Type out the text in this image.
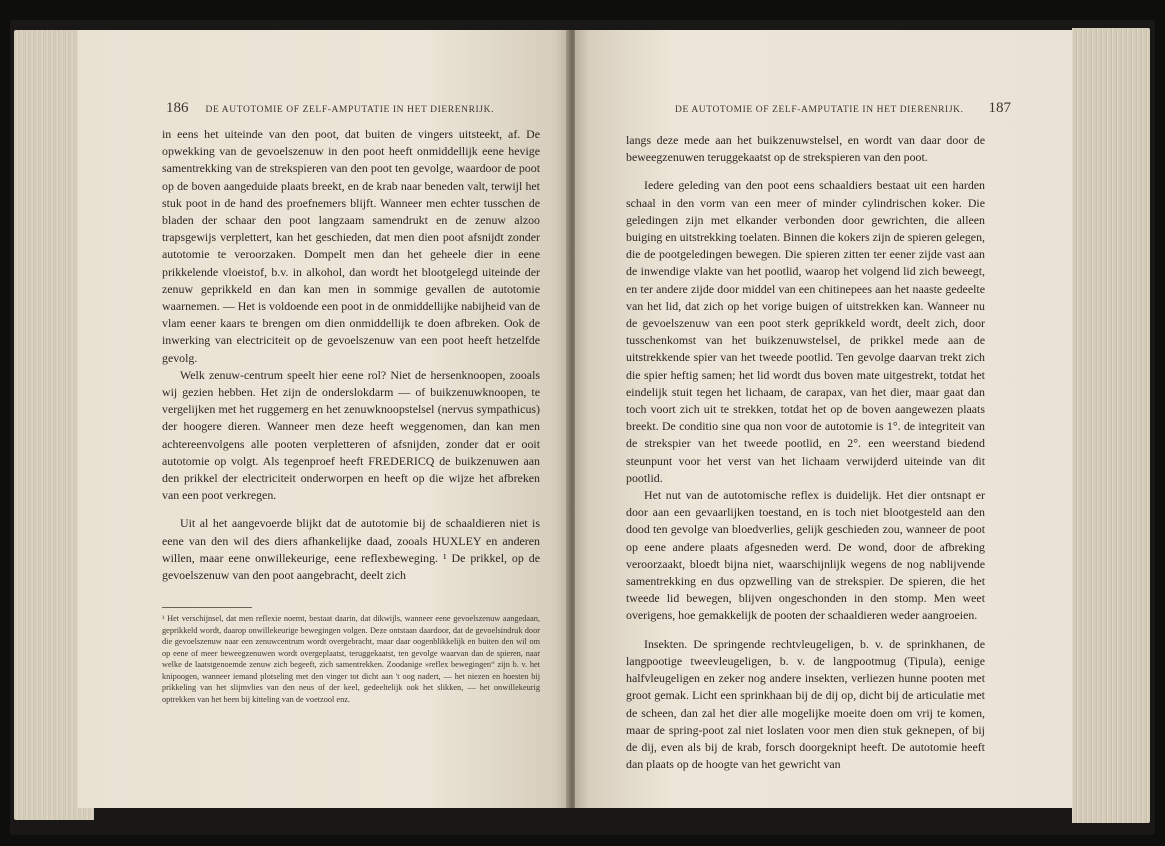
186 DE AUTOTOMIE OF ZELF-AMPUTATIE IN HET DIERENRIJK.

in eens het uiteinde van den poot, dat buiten de vingers uitsteekt, af. De opwekking van de gevoelszenuw in den poot heeft onmiddellijk eene hevige samentrekking van de strekspieren van den poot ten gevolge, waardoor de poot op de boven aangeduide plaats breekt, en de krab naar beneden valt, terwijl het stuk poot in de hand des proefnemers blijft. Wanneer men echter tusschen de bladen der schaar den poot langzaam samendrukt en de zenuw alzoo trapsgewijs verplettert, kan het geschieden, dat men dien poot afsnijdt zonder autotomie te veroorzaken. Dompelt men dan het geheele dier in eene prikkelende vloeistof, b.v. in alkohol, dan wordt het blootgelegd uiteinde der zenuw geprikkeld en dan kan men in sommige gevallen de autotomie waarnemen. — Het is voldoende een poot in de onmiddellijke nabijheid van de vlam eener kaars te brengen om dien onmiddellijk te doen afbreken. Ook de inwerking van electriciteit op de gevoelszenuw van een poot heeft hetzelfde gevolg.

Welk zenuw-centrum speelt hier eene rol? Niet de hersenknoopen, zooals wij gezien hebben. Het zijn de onderslokdarm — of buikzenuwknoopen, te vergelijken met het ruggemerg en het zenuwknoopstelsel (nervus sympathicus) der hoogere dieren. Wanneer men deze heeft weggenomen, dan kan men achtereenvolgens alle pooten verpletteren of afsnijden, zonder dat er ooit autotomie op volgt. Als tegenproef heeft FREDERICQ de buikzenuwen aan den prikkel der electriciteit onderworpen en heeft op die wijze het afbreken van een poot verkregen.

Uit al het aangevoerde blijkt dat de autotomie bij de schaaldieren niet is eene van den wil des diers afhankelijke daad, zooals HUXLEY en anderen willen, maar eene onwillekeurige, eene reflexbeweging. ¹ De prikkel, op de gevoelszenuw van den poot aangebracht, deelt zich

¹ Het verschijnsel, dat men reflexie noemt, bestaat daarin, dat dikwijls, wanneer eene gevoelszenuw aangedaan, geprikkeld wordt, daarop onwillekeurige bewegingen volgen. Deze ontstaan daardoor, dat de gevoelsindruk door die gevoelszenuw naar een zenuwcentrum wordt overgebracht, maar daar oogenblikkelijk en buiten den wil om op eene of meer beweegzenuwen wordt overgeplaatst, teruggekaatst, ten gevolge waarvan dan de spieren, naar welke de laatstgenoemde zenuw zich begeeft, zich samentrekken. Zoodanige »reflex bewegingen“ zijn b. v. het knipoogen, wanneer iemand plotseling met den vinger tot dicht aan 't oog nadert, — het niezen en hoesten bij prikkeling van het slijmvlies van den neus of der keel, gedeeltelijk ook het slikken, — het onwillekeurig optrekken van het been bij kitteling van de voetzool enz.
DE AUTOTOMIE OF ZELF-AMPUTATIE IN HET DIERENRIJK. 187

langs deze mede aan het buikzenuwstelsel, en wordt van daar door de beweegzenuwen teruggekaatst op de strekspieren van den poot.

Iedere geleding van den poot eens schaaldiers bestaat uit een harden schaal in den vorm van een meer of minder cylindrischen koker. Die geledingen zijn met elkander verbonden door gewrichten, die alleen buiging en uitstrekking toelaten. Binnen die kokers zijn de spieren gelegen, die de pootgeledingen bewegen. Die spieren zitten ter eener zijde vast aan de inwendige vlakte van het pootlid, waarop het volgend lid zich beweegt, en ter andere zijde door middel van een chitinepees aan het naaste gedeelte van het lid, dat zich op het vorige buigen of uitstrekken kan. Wanneer nu de gevoelszenuw van een poot sterk geprikkeld wordt, deelt zich, door tusschenkomst van het buikzenuwstelsel, de prikkel mede aan de uitstrekkende spier van het tweede pootlid. Ten gevolge daarvan trekt zich die spier heftig samen; het lid wordt dus boven mate uitgestrekt, totdat het eindelijk stuit tegen het lichaam, de carapax, van het dier, maar gaat dan toch voort zich uit te strekken, totdat het op de boven aangewezen plaats breekt. De conditio sine qua non voor de autotomie is 1°. de integriteit van de strekspier van het tweede pootlid, en 2°. een weerstand biedend steunpunt voor het verst van het lichaam verwijderd uiteinde van dit pootlid.

Het nut van de autotomische reflex is duidelijk. Het dier ontsnapt er door aan een gevaarlijken toestand, en is toch niet blootgesteld aan den dood ten gevolge van bloedverlies, gelijk geschieden zou, wanneer de poot op eene andere plaats afgesneden werd. De wond, door de afbreking veroorzaakt, bloedt bijna niet, waarschijnlijk wegens de nog nablijvende samentrekking en dus opzwelling van de strekspier. De spieren, die het tweede lid bewegen, blijven ongeschonden in den stomp. Men weet overigens, hoe gemakkelijk de pooten der schaaldieren weder aangroeien.

Insekten. De springende rechtvleugeligen, b. v. de sprinkhanen, de langpootige tweevleugeligen, b. v. de langpootmug (Tipula), eenige halfvleugeligen en zeker nog andere insekten, verliezen hunne pooten met groot gemak. Licht een sprinkhaan bij de dij op, dicht bij de articulatie met de scheen, dan zal het dier alle mogelijke moeite doen om vrij te komen, maar de spring-poot zal niet loslaten voor men dien stuk geknepen, of bij de dij, even als bij de krab, forsch doorgeknipt heeft. De autotomie heeft dan plaats op de hoogte van het gewricht van
